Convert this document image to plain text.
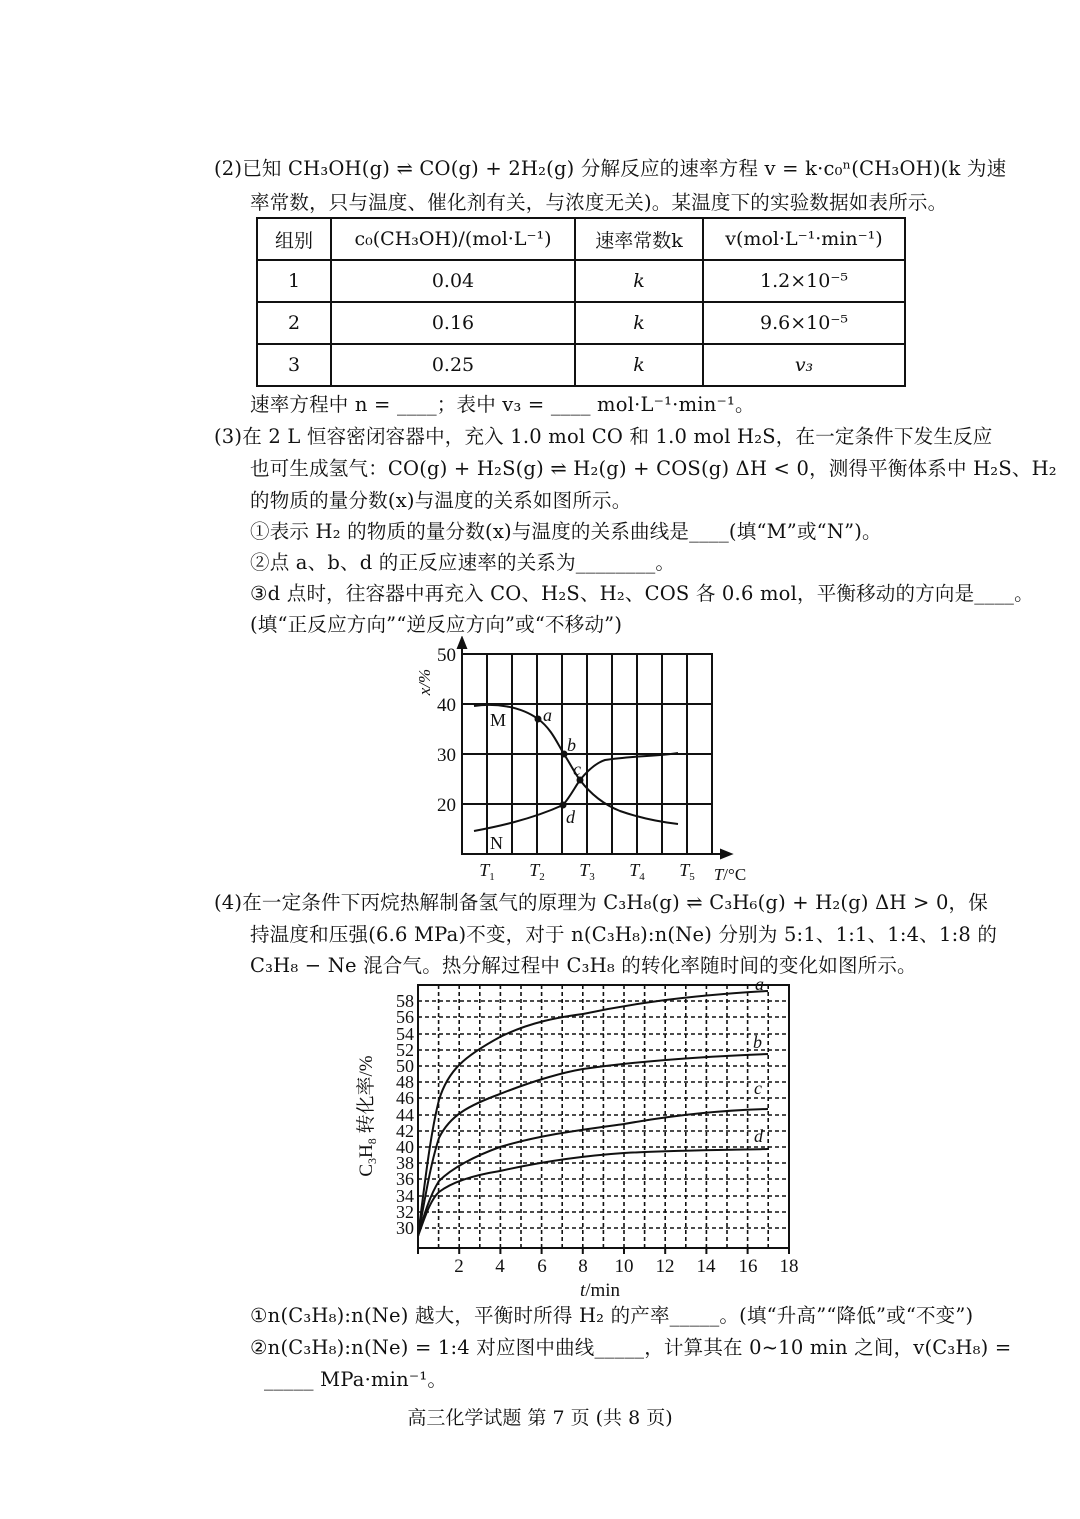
(2)已知 CH₃OH(g) ⇌ CO(g) + 2H₂(g) 分解反应的速率方程 v = k·c₀ⁿ(CH₃OH)(k 为速
率常数，只与温度、催化剂有关，与浓度无关)。某温度下的实验数据如表所示。
组别	c₀(CH₃OH)/(mol·L⁻¹)	速率常数k	v(mol·L⁻¹·min⁻¹)
1	0.04	k	1.2×10⁻⁵
2	0.16	k	9.6×10⁻⁵
3	0.25	k	v₃
速率方程中 n = ____；表中 v₃ = ____ mol·L⁻¹·min⁻¹。
(3)在 2 L 恒容密闭容器中，充入 1.0 mol CO 和 1.0 mol H₂S，在一定条件下发生反应
也可生成氢气：CO(g) + H₂S(g) ⇌ H₂(g) + COS(g) ΔH < 0，测得平衡体系中 H₂S、H₂
的物质的量分数(x)与温度的关系如图所示。
①表示 H₂ 的物质的量分数(x)与温度的关系曲线是____(填“M”或“N”)。
②点 a、b、d 的正反应速率的关系为________。
③d 点时，往容器中再充入 CO、H₂S、H₂、COS 各 0.6 mol，平衡移动的方向是____。
(填“正反应方向”“逆反应方向”或“不移动”)
50
40
30
20
x/%
$T_1$ $T_2$ $T_3$ $T_4$ $T_5$ T/°C
M
N
a
b
c
d
(4)在一定条件下丙烷热解制备氢气的原理为 C₃H₈(g) ⇌ C₃H₆(g) + H₂(g) ΔH > 0，保
持温度和压强(6.6 MPa)不变，对于 n(C₃H₈):n(Ne) 分别为 5:1、1:1、1:4、1:8 的
C₃H₈ − Ne 混合气。热分解过程中 C₃H₈ 的转化率随时间的变化如图所示。
30
32
34
36
38
40
42
44
46
48
50
52
54
56
58
2 4 6 8 10 12 14 16 18
t/min
$C_3H_8$ 转化率/%
a
b
c
d
①n(C₃H₈):n(Ne) 越大，平衡时所得 H₂ 的产率_____。(填“升高”“降低”或“不变”)
②n(C₃H₈):n(Ne) = 1:4 对应图中曲线_____，计算其在 0~10 min 之间，v(C₃H₈) =
_____ MPa·min⁻¹。
高三化学试题 第 7 页 (共 8 页)
